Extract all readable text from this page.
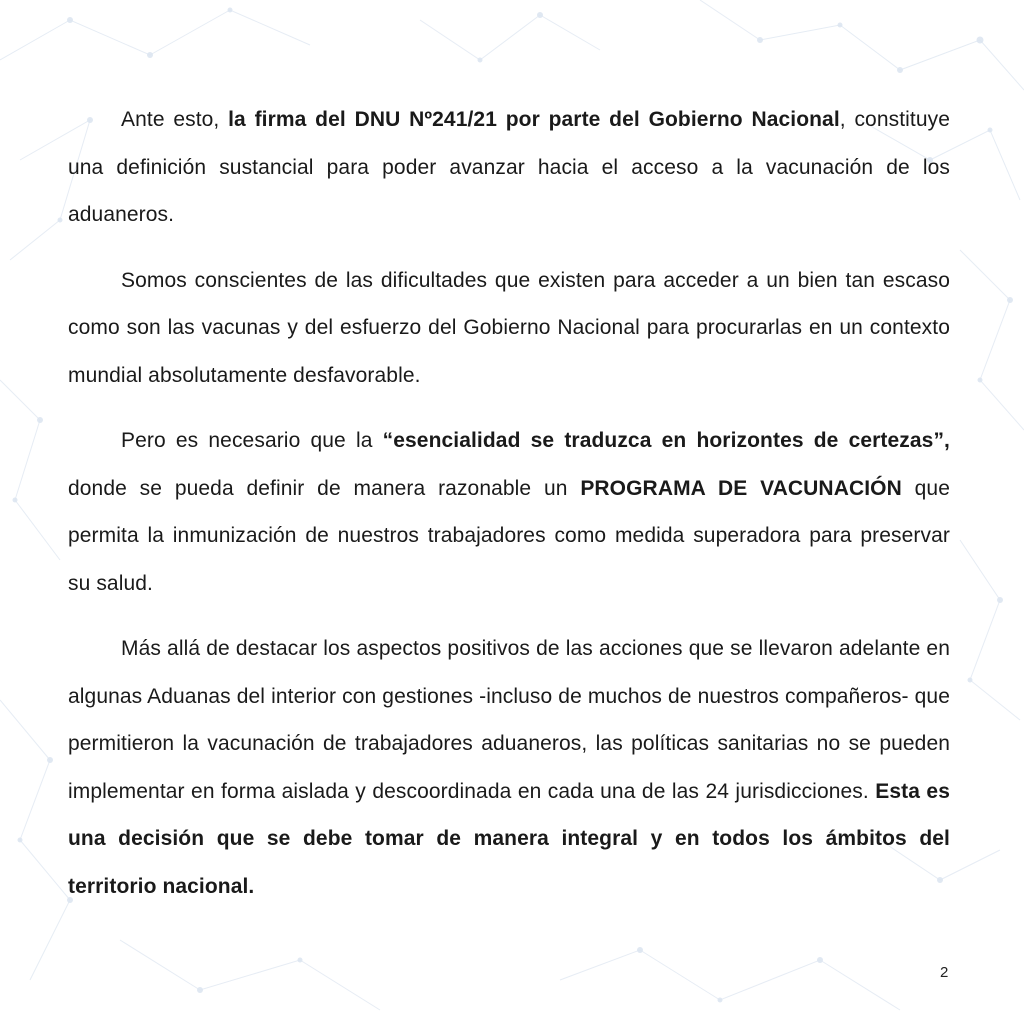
Ante esto, la firma del DNU Nº241/21 por parte del Gobierno Nacional, constituye una definición sustancial para poder avanzar hacia el acceso a la vacunación de los aduaneros.

Somos conscientes de las dificultades que existen para acceder a un bien tan escaso como son las vacunas y del esfuerzo del Gobierno Nacional para procurarlas en un contexto mundial absolutamente desfavorable.

Pero es necesario que la “esencialidad se traduzca en horizontes de certezas”, donde se pueda definir de manera razonable un PROGRAMA DE VACUNACIÓN que permita la inmunización de nuestros trabajadores como medida superadora para preservar su salud.

Más allá de destacar los aspectos positivos de las acciones que se llevaron adelante en algunas Aduanas del interior con gestiones -incluso de muchos de nuestros compañeros- que permitieron la vacunación de trabajadores aduaneros, las políticas sanitarias no se pueden implementar en forma aislada y descoordinada en cada una de las 24 jurisdicciones. Esta es una decisión que se debe tomar de manera integral y en todos los ámbitos del territorio nacional.

2
